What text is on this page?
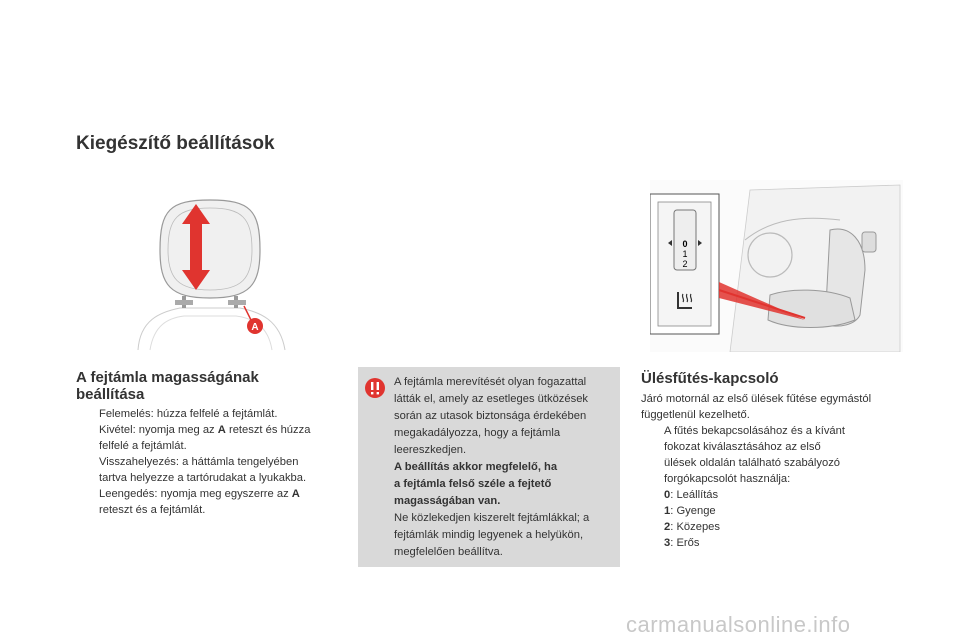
Kiegészítő beállítások
A
A fejtámla magasságának
beállítása
Felemelés: húzza felfelé a fejtámlát.
Kivétel: nyomja meg az A reteszt és húzza
felfelé a fejtámlát.
Visszahelyezés: a háttámla tengelyében
tartva helyezze a tartórudakat a lyukakba.
Leengedés: nyomja meg egyszerre az A
reteszt és a fejtámlát.
A fejtámla merevítését olyan fogazattal
látták el, amely az esetleges ütközések
során az utasok biztonsága érdekében
megakadályozza, hogy a fejtámla
leereszkedjen.
A beállítás akkor megfelelő, ha
a fejtámla felső széle a fejtető
magasságában van.
Ne közlekedjen kiszerelt fejtámlákkal; a
fejtámlák mindig legyenek a helyükön,
megfelelően beállítva.
0
1
2
Ülésfűtés-kapcsoló
Járó motornál az első ülések fűtése egymástól
függetlenül kezelhető.
A fűtés bekapcsolásához és a kívánt
fokozat kiválasztásához az első
ülések oldalán található szabályozó
forgókapcsolót használja:
0: Leállítás
1: Gyenge
2: Közepes
3: Erős
carmanualsonline.info
